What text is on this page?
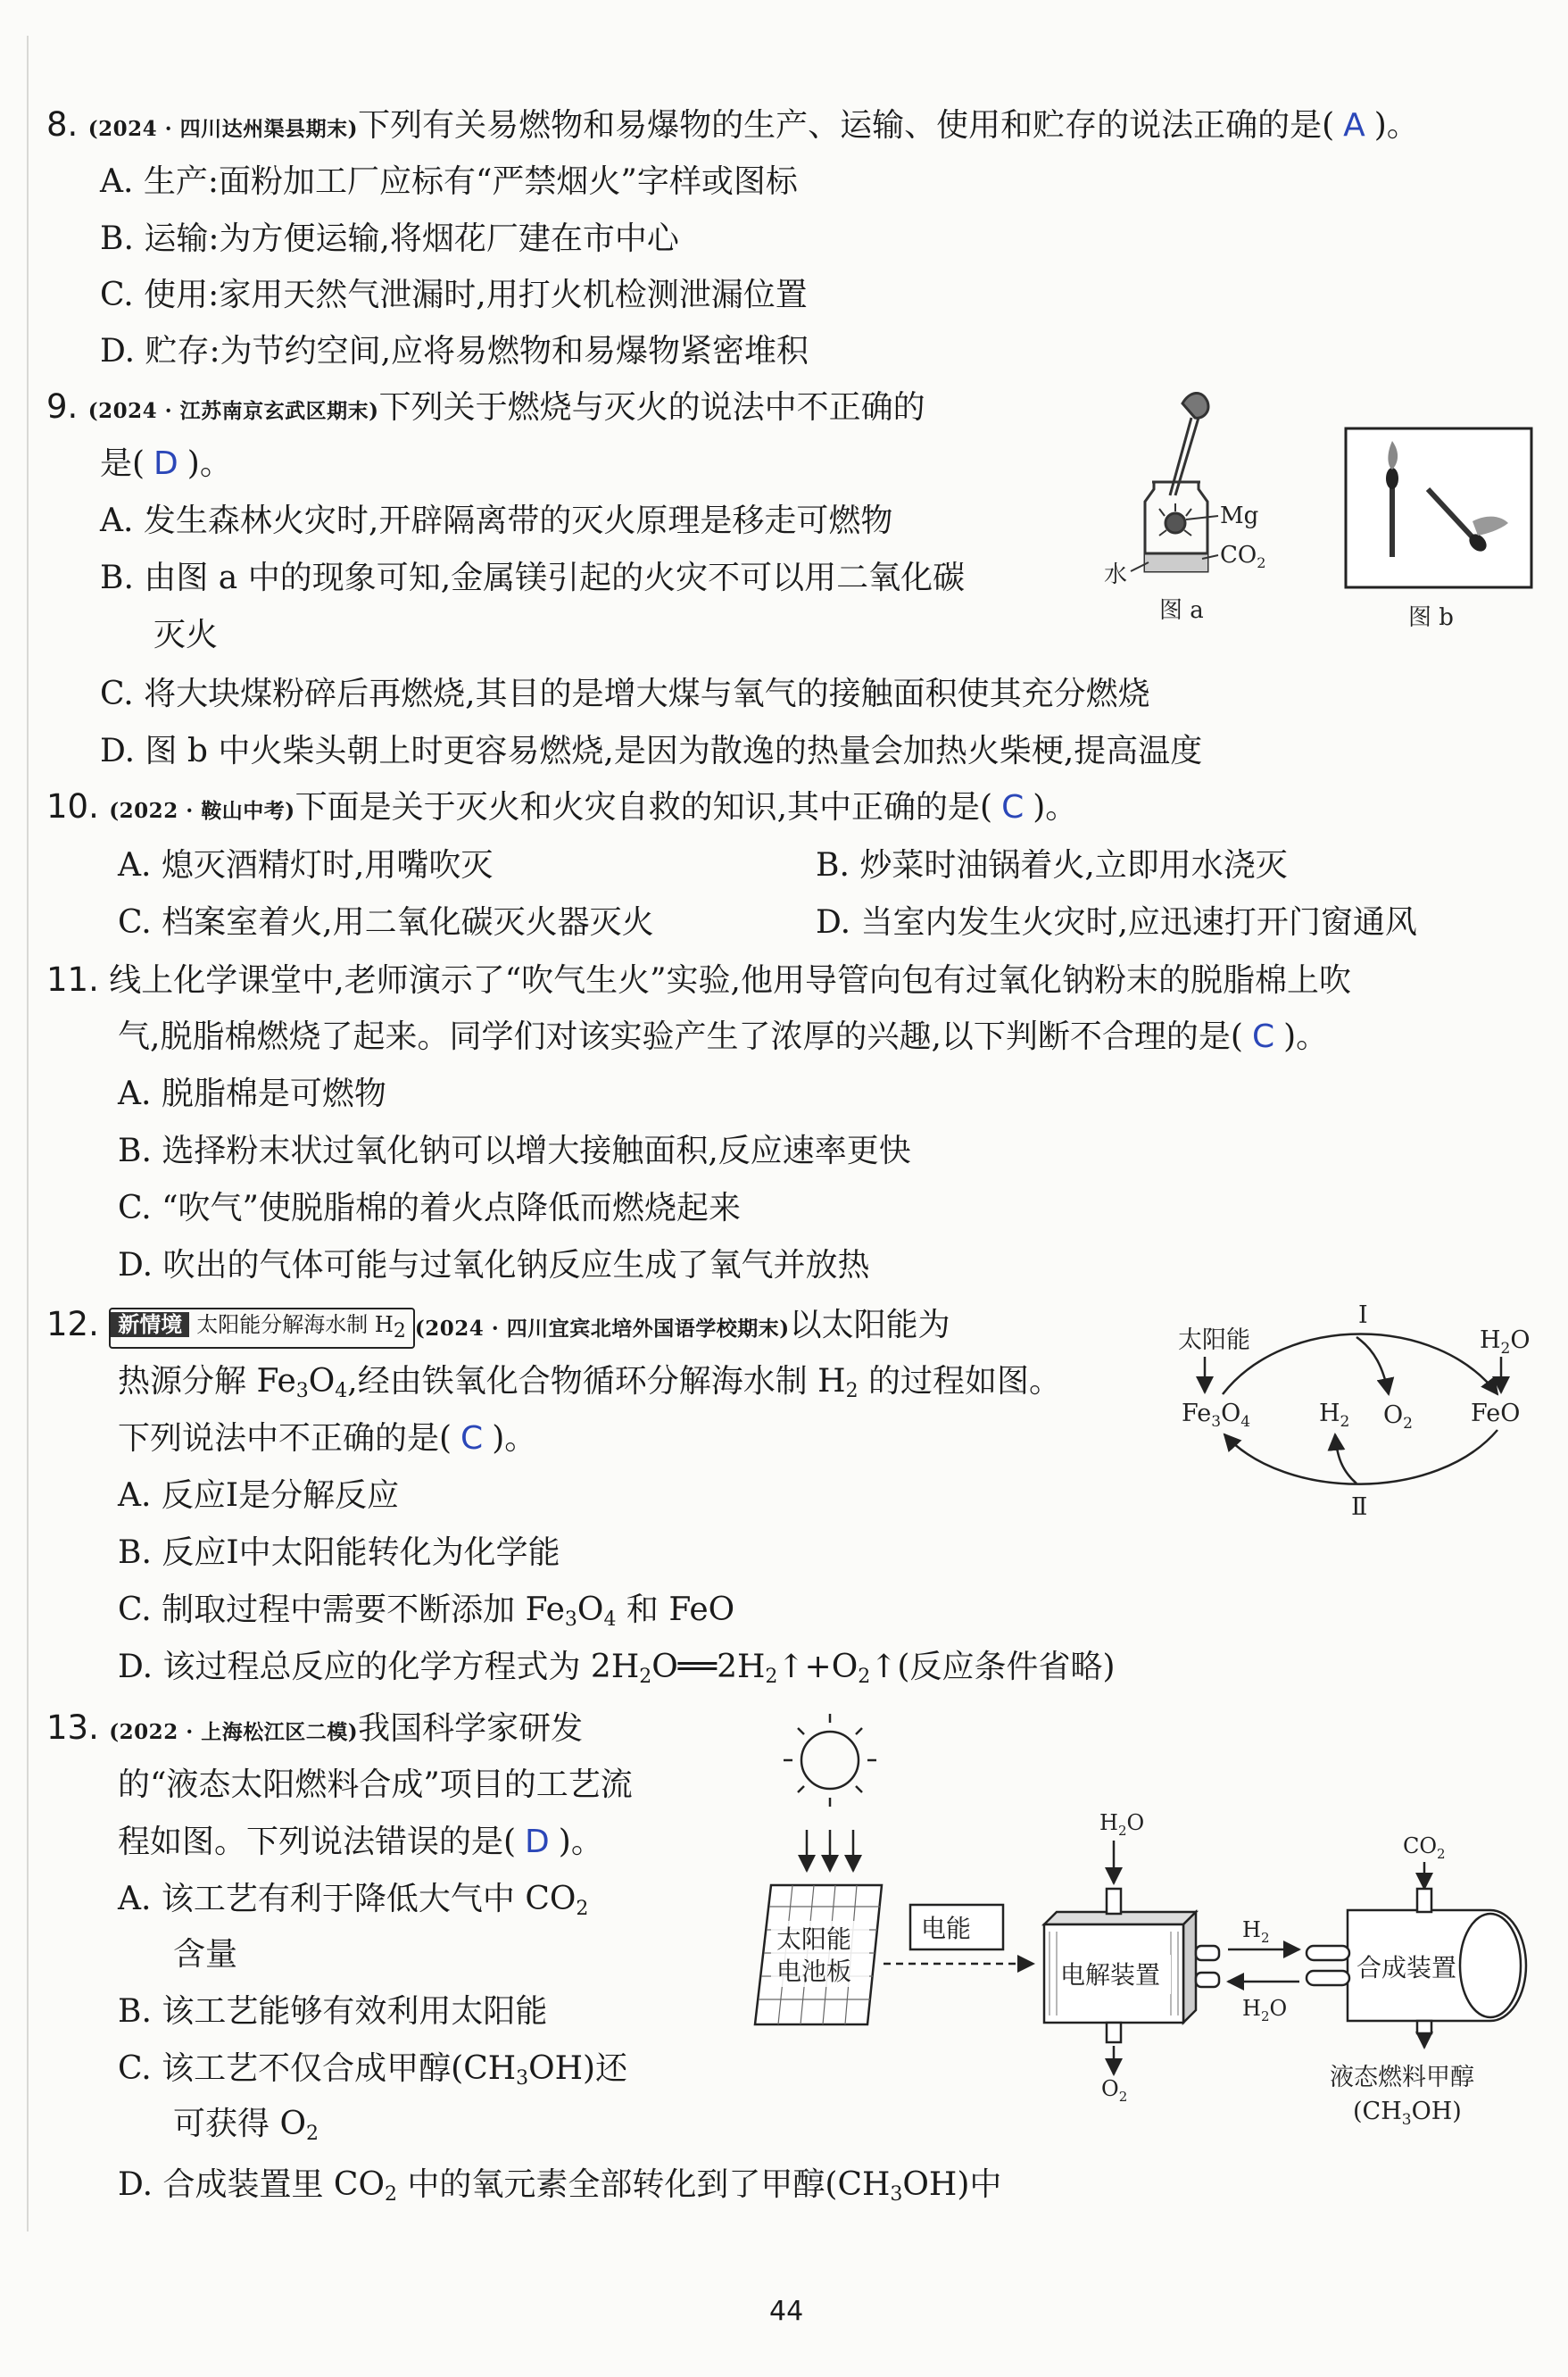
8. (2024 · 四川达州渠县期末)下列有关易燃物和易爆物的生产、运输、使用和贮存的说法正确的是( A )。
A. 生产:面粉加工厂应标有“严禁烟火”字样或图标
B. 运输:为方便运输,将烟花厂建在市中心
C. 使用:家用天然气泄漏时,用打火机检测泄漏位置
D. 贮存:为节约空间,应将易燃物和易爆物紧密堆积
9. (2024 · 江苏南京玄武区期末)下列关于燃烧与灭火的说法中不正确的
是( D )。
A. 发生森林火灾时,开辟隔离带的灭火原理是移走可燃物
B. 由图 a 中的现象可知,金属镁引起的火灾不可以用二氧化碳
灭火
C. 将大块煤粉碎后再燃烧,其目的是增大煤与氧气的接触面积使其充分燃烧
D. 图 b 中火柴头朝上时更容易燃烧,是因为散逸的热量会加热火柴梗,提高温度
Mg
$CO_2$
水
图 a	图 b
10. (2022 · 鞍山中考)下面是关于灭火和火灾自救的知识,其中正确的是( C )。
A. 熄灭酒精灯时,用嘴吹灭	B. 炒菜时油锅着火,立即用水浇灭
C. 档案室着火,用二氧化碳灭火器灭火	D. 当室内发生火灾时,应迅速打开门窗通风
11. 线上化学课堂中,老师演示了“吹气生火”实验,他用导管向包有过氧化钠粉末的脱脂棉上吹
气,脱脂棉燃烧了起来。同学们对该实验产生了浓厚的兴趣,以下判断不合理的是( C )。
A. 脱脂棉是可燃物
B. 选择粉末状过氧化钠可以增大接触面积,反应速率更快
C. “吹气”使脱脂棉的着火点降低而燃烧起来
D. 吹出的气体可能与过氧化钠反应生成了氧气并放热
12. 新情境 太阳能分解海水制 $H_2$ (2024 · 四川宜宾北培外国语学校期末)以太阳能为
热源分解 $Fe_3O_4$,经由铁氧化合物循环分解海水制 $H_2$ 的过程如图。
下列说法中不正确的是( C )。
A. 反应Ⅰ是分解反应
B. 反应Ⅰ中太阳能转化为化学能
C. 制取过程中需要不断添加 $Fe_3O_4$ 和 FeO
D. 该过程总反应的化学方程式为 $2H_2O══2H_2↑+O_2↑$(反应条件省略)
太阳能
Ⅰ
Ⅱ
$H_2O$
$Fe_3O_4$	$H_2$ $O_2$ FeO
13. (2022 · 上海松江区二模)我国科学家研发
的“液态太阳燃料合成”项目的工艺流
程如图。下列说法错误的是( D )。
A. 该工艺有利于降低大气中 $CO_2$
含量
B. 该工艺能够有效利用太阳能
C. 该工艺不仅合成甲醇$(CH_3OH)$还
可获得 $O_2$
D. 合成装置里 $CO_2$ 中的氧元素全部转化到了甲醇$(CH_3OH)$中
太阳能
电池板
电能
电解装置
$H_2O$
$H_2$
$H_2O$
$O_2$
$CO_2$
液态燃料甲醇
$(CH_3OH)$
合成装置
44
